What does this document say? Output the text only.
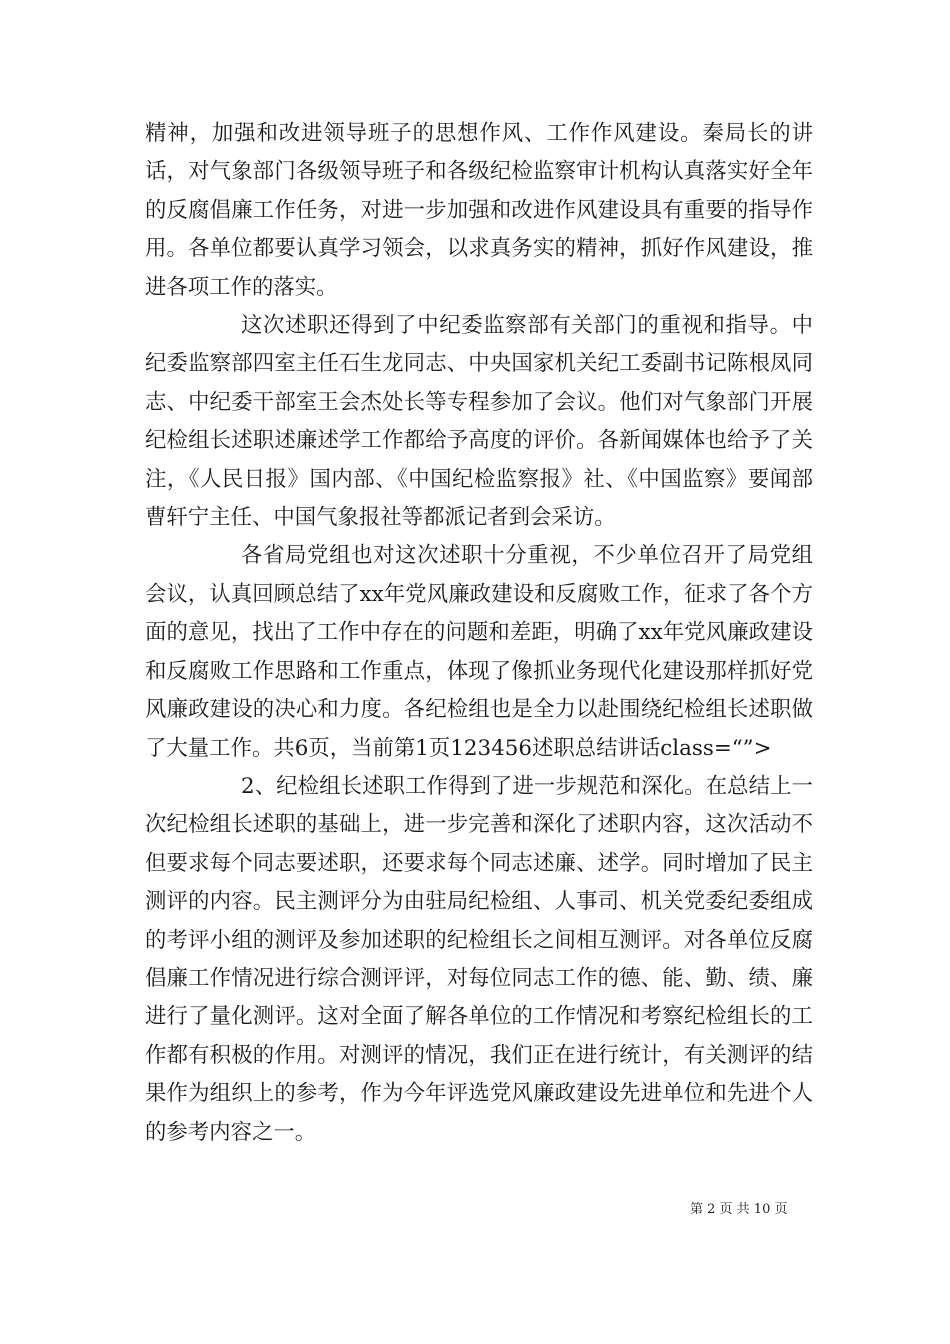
精神，加强和改进领导班子的思想作风、工作作风建设。秦局长的讲话，对气象部门各级领导班子和各级纪检监察审计机构认真落实好全年的反腐倡廉工作任务，对进一步加强和改进作风建设具有重要的指导作用。各单位都要认真学习领会，以求真务实的精神，抓好作风建设，推进各项工作的落实。

这次述职还得到了中纪委监察部有关部门的重视和指导。中纪委监察部四室主任石生龙同志、中央国家机关纪工委副书记陈根凤同志、中纪委干部室王会杰处长等专程参加了会议。他们对气象部门开展纪检组长述职述廉述学工作都给予高度的评价。各新闻媒体也给予了关注，《人民日报》国内部、《中国纪检监察报》社、《中国监察》要闻部曹轩宁主任、中国气象报社等都派记者到会采访。

各省局党组也对这次述职十分重视，不少单位召开了局党组会议，认真回顾总结了xx年党风廉政建设和反腐败工作，征求了各个方面的意见，找出了工作中存在的问题和差距，明确了xx年党风廉政建设和反腐败工作思路和工作重点，体现了像抓业务现代化建设那样抓好党风廉政建设的决心和力度。各纪检组也是全力以赴围绕纪检组长述职做了大量工作。共6页，当前第1页123456述职总结讲话class=“”>

2、纪检组长述职工作得到了进一步规范和深化。在总结上一次纪检组长述职的基础上，进一步完善和深化了述职内容，这次活动不但要求每个同志要述职，还要求每个同志述廉、述学。同时增加了民主测评的内容。民主测评分为由驻局纪检组、人事司、机关党委纪委组成的考评小组的测评及参加述职的纪检组长之间相互测评。对各单位反腐倡廉工作情况进行综合测评评，对每位同志工作的德、能、勤、绩、廉进行了量化测评。这对全面了解各单位的工作情况和考察纪检组长的工作都有积极的作用。对测评的情况，我们正在进行统计，有关测评的结果作为组织上的参考，作为今年评选党风廉政建设先进单位和先进个人的参考内容之一。

第 2 页 共 10 页
